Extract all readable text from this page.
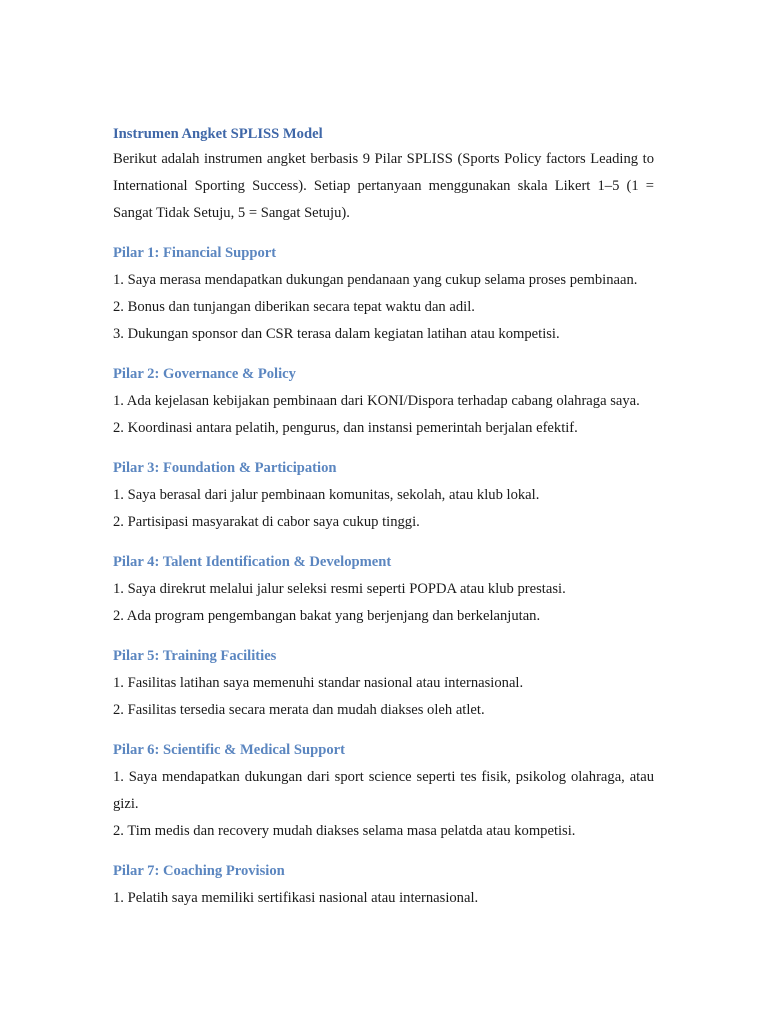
Instrumen Angket SPLISS Model

Berikut adalah instrumen angket berbasis 9 Pilar SPLISS (Sports Policy factors Leading to International Sporting Success). Setiap pertanyaan menggunakan skala Likert 1–5 (1 = Sangat Tidak Setuju, 5 = Sangat Setuju).

Pilar 1: Financial Support

1. Saya merasa mendapatkan dukungan pendanaan yang cukup selama proses pembinaan.

2. Bonus dan tunjangan diberikan secara tepat waktu dan adil.

3. Dukungan sponsor dan CSR terasa dalam kegiatan latihan atau kompetisi.

Pilar 2: Governance & Policy

1. Ada kejelasan kebijakan pembinaan dari KONI/Dispora terhadap cabang olahraga saya.

2. Koordinasi antara pelatih, pengurus, dan instansi pemerintah berjalan efektif.

Pilar 3: Foundation & Participation

1. Saya berasal dari jalur pembinaan komunitas, sekolah, atau klub lokal.

2. Partisipasi masyarakat di cabor saya cukup tinggi.

Pilar 4: Talent Identification & Development

1. Saya direkrut melalui jalur seleksi resmi seperti POPDA atau klub prestasi.

2. Ada program pengembangan bakat yang berjenjang dan berkelanjutan.

Pilar 5: Training Facilities

1. Fasilitas latihan saya memenuhi standar nasional atau internasional.

2. Fasilitas tersedia secara merata dan mudah diakses oleh atlet.

Pilar 6: Scientific & Medical Support

1. Saya mendapatkan dukungan dari sport science seperti tes fisik, psikolog olahraga, atau gizi.

2. Tim medis dan recovery mudah diakses selama masa pelatda atau kompetisi.

Pilar 7: Coaching Provision

1. Pelatih saya memiliki sertifikasi nasional atau internasional.
